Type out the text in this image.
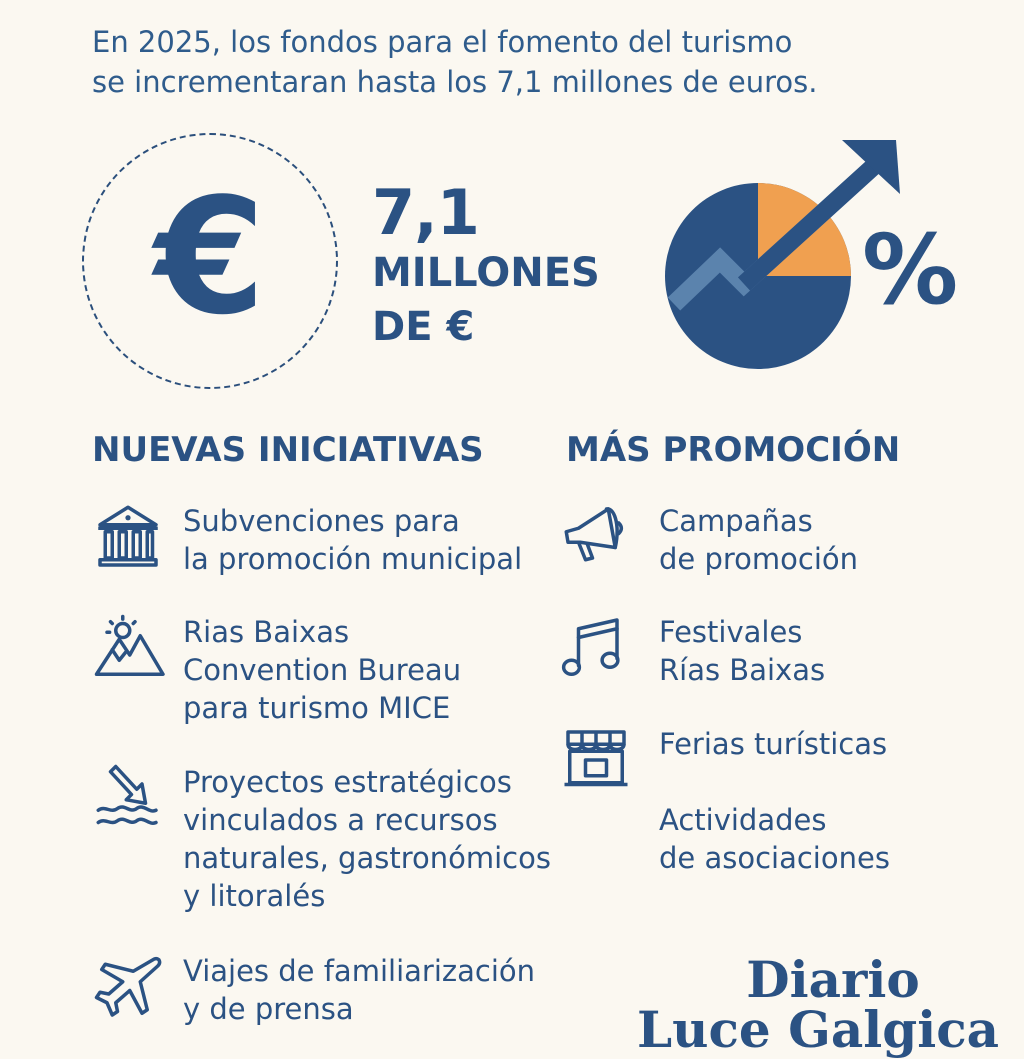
En 2025, los fondos para el fomento del turismo
se incrementaran hasta los 7,1 millones de euros.
€	7,1
MILLONES
DE €
%
NUEVAS INICIATIVAS
Subvenciones para
la promoción municipal
Rias Baixas
Convention Bureau
para turismo MICE
Proyectos estratégicos
vinculados a recursos
naturales, gastronómicos
y litoralés
Viajes de familiarización
y de prensa
MÁS PROMOCIÓN
Campañas
de promoción
Festivales
Rías Baixas
Ferias turísticas
Actividades
de asociaciones
Diario
Luce Galgica
